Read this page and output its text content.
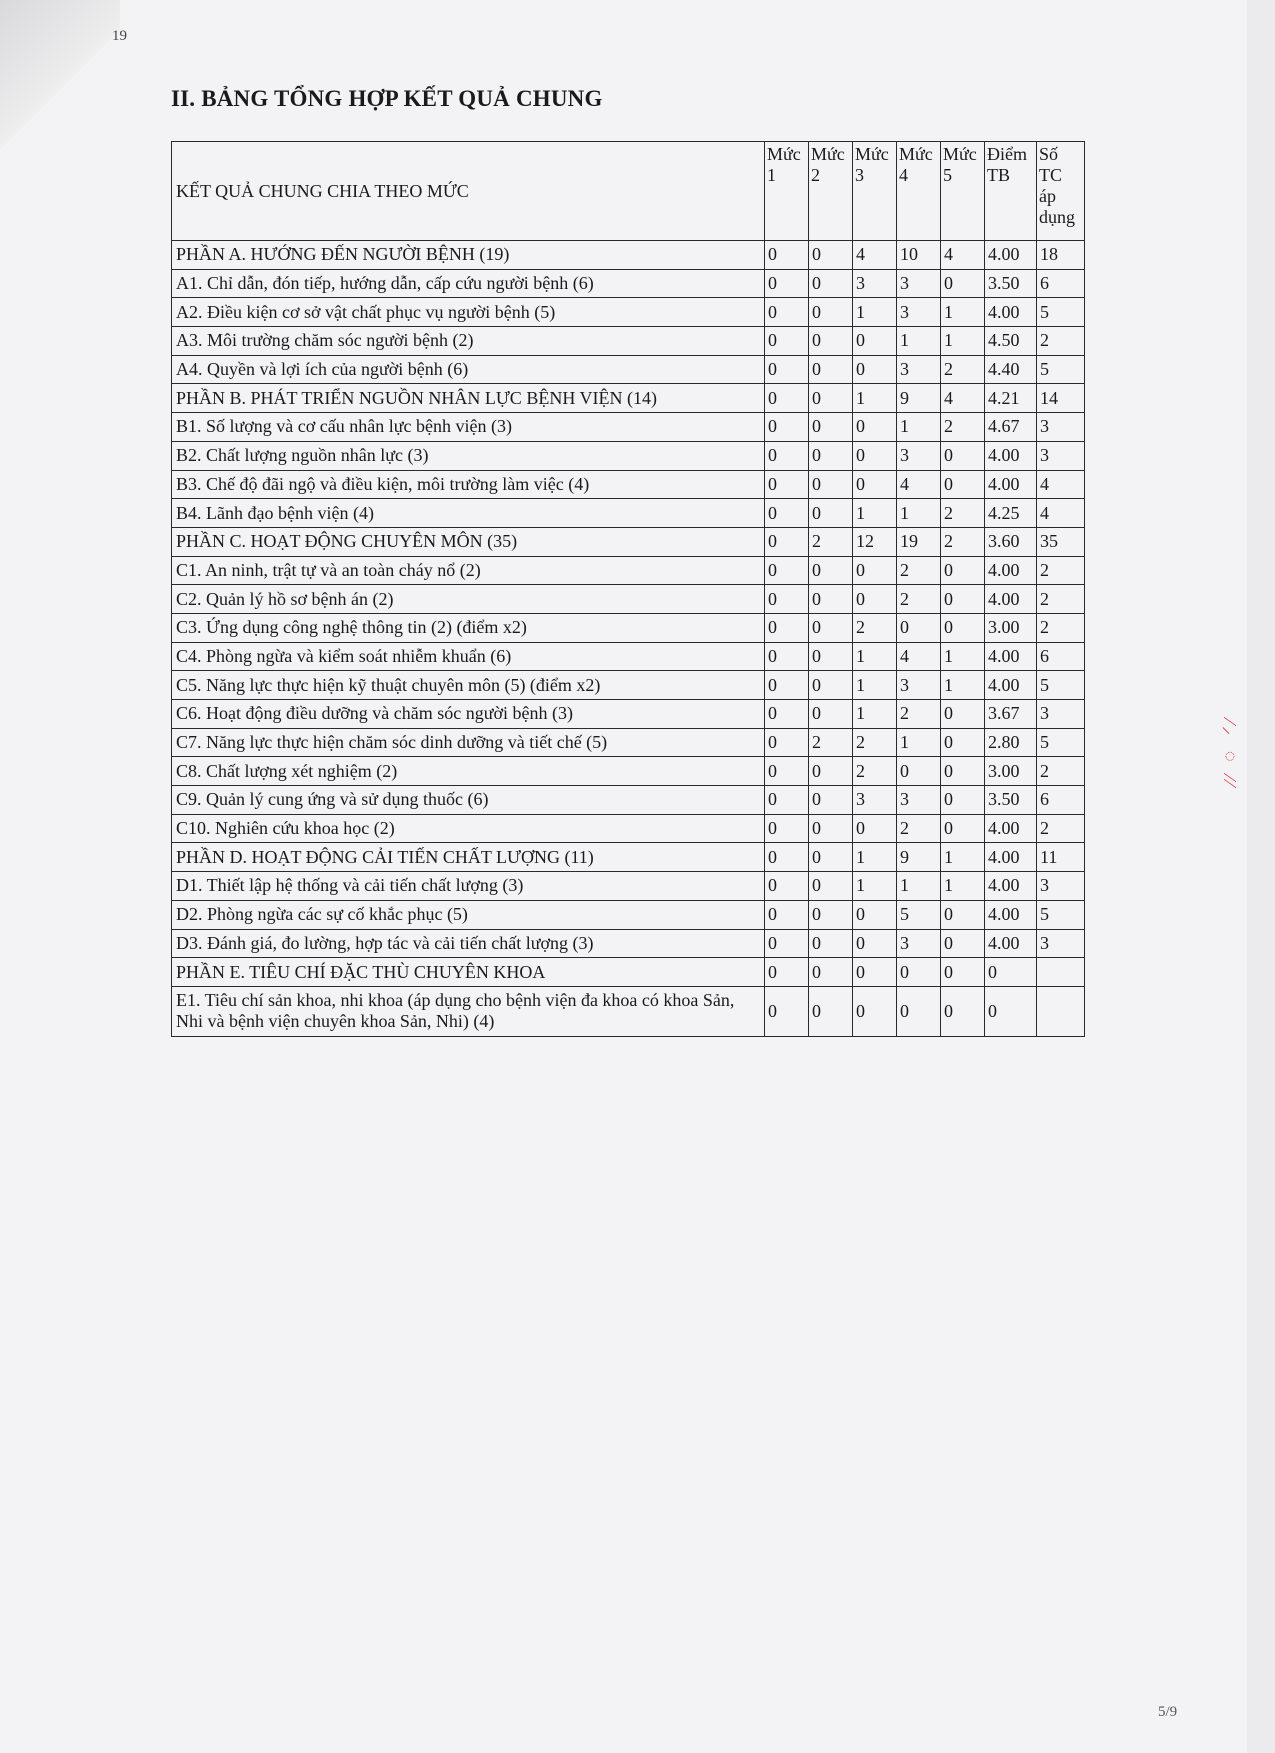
19
II. BẢNG TỔNG HỢP KẾT QUẢ CHUNG
KẾT QUẢ CHUNG CHIA THEO MỨC	Mức 1	Mức 2	Mức 3	Mức 4	Mức 5	Điểm TB	Số TC áp dụng
PHẦN A. HƯỚNG ĐẾN NGƯỜI BỆNH (19)	0	0	4	10	4	4.00	18
A1. Chỉ dẫn, đón tiếp, hướng dẫn, cấp cứu người bệnh (6)	0	0	3	3	0	3.50	6
A2. Điều kiện cơ sở vật chất phục vụ người bệnh (5)	0	0	1	3	1	4.00	5
A3. Môi trường chăm sóc người bệnh (2)	0	0	0	1	1	4.50	2
A4. Quyền và lợi ích của người bệnh (6)	0	0	0	3	2	4.40	5
PHẦN B. PHÁT TRIỂN NGUỒN NHÂN LỰC BỆNH VIỆN (14)	0	0	1	9	4	4.21	14
B1. Số lượng và cơ cấu nhân lực bệnh viện (3)	0	0	0	1	2	4.67	3
B2. Chất lượng nguồn nhân lực (3)	0	0	0	3	0	4.00	3
B3. Chế độ đãi ngộ và điều kiện, môi trường làm việc (4)	0	0	0	4	0	4.00	4
B4. Lãnh đạo bệnh viện (4)	0	0	1	1	2	4.25	4
PHẦN C. HOẠT ĐỘNG CHUYÊN MÔN (35)	0	2	12	19	2	3.60	35
C1. An ninh, trật tự và an toàn cháy nổ (2)	0	0	0	2	0	4.00	2
C2. Quản lý hồ sơ bệnh án (2)	0	0	0	2	0	4.00	2
C3. Ứng dụng công nghệ thông tin (2) (điểm x2)	0	0	2	0	0	3.00	2
C4. Phòng ngừa và kiểm soát nhiễm khuẩn (6)	0	0	1	4	1	4.00	6
C5. Năng lực thực hiện kỹ thuật chuyên môn (5) (điểm x2)	0	0	1	3	1	4.00	5
C6. Hoạt động điều dưỡng và chăm sóc người bệnh (3)	0	0	1	2	0	3.67	3
C7. Năng lực thực hiện chăm sóc dinh dưỡng và tiết chế (5)	0	2	2	1	0	2.80	5
C8. Chất lượng xét nghiệm (2)	0	0	2	0	0	3.00	2
C9. Quản lý cung ứng và sử dụng thuốc (6)	0	0	3	3	0	3.50	6
C10. Nghiên cứu khoa học (2)	0	0	0	2	0	4.00	2
PHẦN D. HOẠT ĐỘNG CẢI TIẾN CHẤT LƯỢNG (11)	0	0	1	9	1	4.00	11
D1. Thiết lập hệ thống và cải tiến chất lượng (3)	0	0	1	1	1	4.00	3
D2. Phòng ngừa các sự cố khắc phục (5)	0	0	0	5	0	4.00	5
D3. Đánh giá, đo lường, hợp tác và cải tiến chất lượng (3)	0	0	0	3	0	4.00	3
PHẦN E. TIÊU CHÍ ĐẶC THÙ CHUYÊN KHOA	0	0	0	0	0	0	
E1. Tiêu chí sản khoa, nhi khoa (áp dụng cho bệnh viện đa khoa có khoa Sản, Nhi và bệnh viện chuyên khoa Sản, Nhi) (4)	0	0	0	0	0	0	
⁄⸝ ◌ ⁄⁄
5/9
